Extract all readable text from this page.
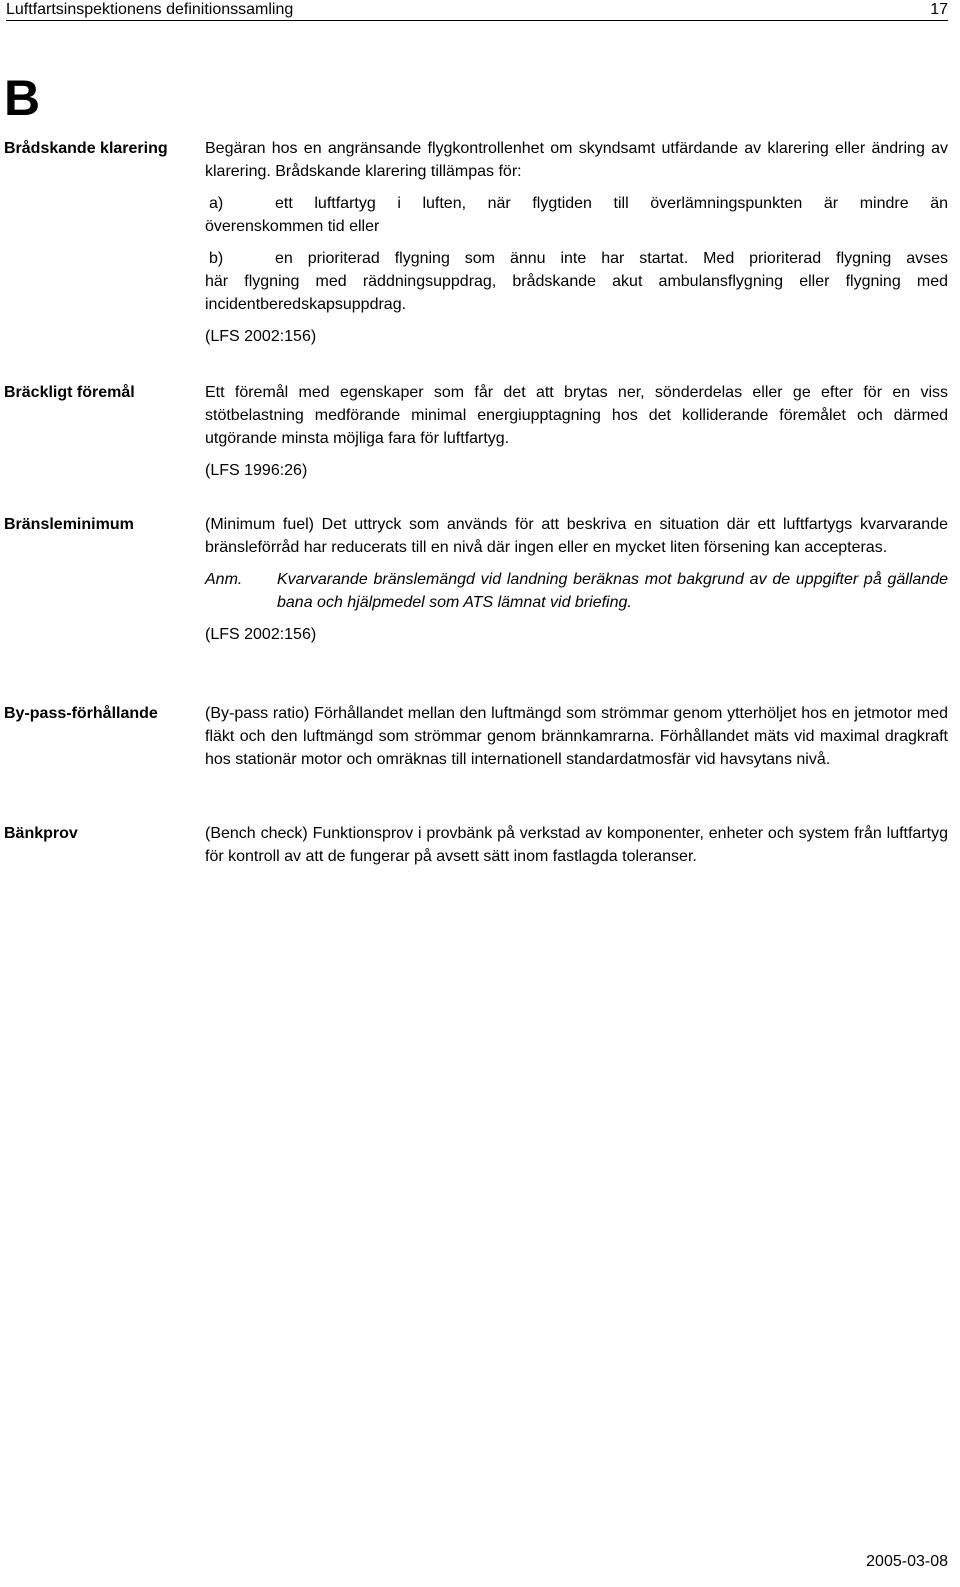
Luftfartsinspektionens definitionssamling	17
B
Brådskande klarering	Begäran hos en angränsande flygkontrollenhet om skyndsamt utfärdande av klarering eller ändring av klarering. Brådskande klarering tillämpas för:

a)	ett luftfartyg i luften, när flygtiden till överlämningspunkten är mindre än
överenskommen tid eller

b)	en prioriterad flygning som ännu inte har startat. Med prioriterad flygning avses
här flygning med räddningsuppdrag, brådskande akut ambulansflygning eller flygning med incidentberedskapsuppdrag.

(LFS 2002:156)

Bräckligt föremål	Ett föremål med egenskaper som får det att brytas ner, sönderdelas eller ge efter för en viss stötbelastning medförande minimal energiupptagning hos det kolliderande föremålet och därmed utgörande minsta möjliga fara för luftfartyg.

(LFS 1996:26)

Bränsleminimum	(Minimum fuel) Det uttryck som används för att beskriva en situation där ett luftfartygs kvarvarande bränsleförråd har reducerats till en nivå där ingen eller en mycket liten försening kan accepteras.

Anm.	Kvarvarande bränslemängd vid landning beräknas mot bakgrund av de uppgifter på gällande bana och hjälpmedel som ATS lämnat vid briefing.

(LFS 2002:156)

By-pass-förhållande	(By-pass ratio) Förhållandet mellan den luftmängd som strömmar genom ytterhöljet hos en jetmotor med fläkt och den luftmängd som strömmar genom brännkamrarna. Förhållandet mäts vid maximal dragkraft hos stationär motor och omräknas till internationell standardatmosfär vid havsytans nivå.

Bänkprov	(Bench check) Funktionsprov i provbänk på verkstad av komponenter, enheter och system från luftfartyg för kontroll av att de fungerar på avsett sätt inom fastlagda toleranser.

2005-03-08
